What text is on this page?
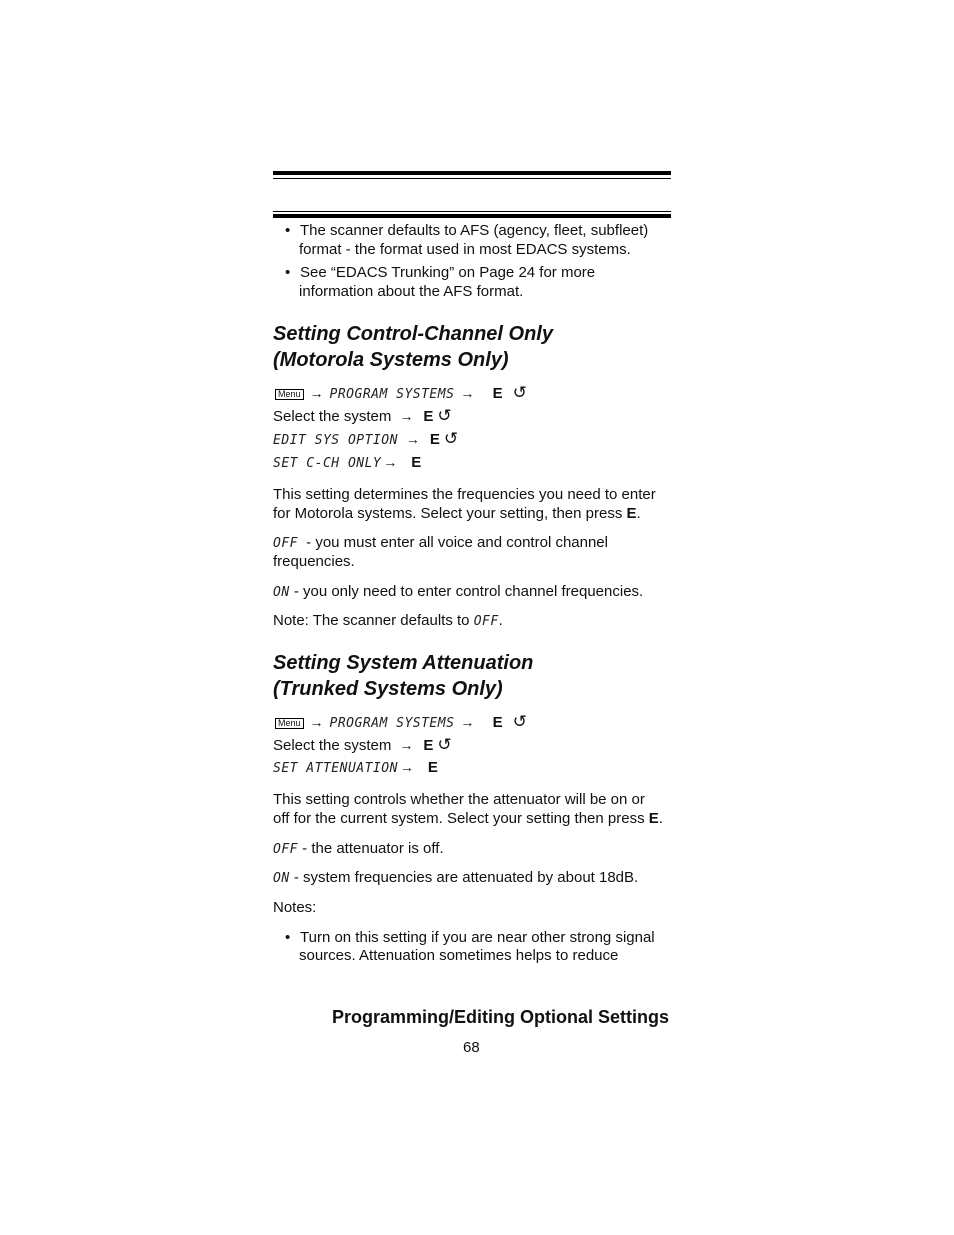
• The scanner defaults to AFS (agency, fleet, subfleet)
format - the format used in most EDACS systems.
• See “EDACS Trunking” on Page 24 for more
information about the AFS format.
Setting Control-Channel Only
(Motorola Systems Only)
Menu → PROGRAM SYSTEMS → E ↺
Select the system → E ↺
EDIT SYS OPTION → E ↺
SET C-CH ONLY → E
This setting determines the frequencies you need to enter
for Motorola systems. Select your setting, then press E.
OFF - you must enter all voice and control channel
frequencies.
ON - you only need to enter control channel frequencies.
Note: The scanner defaults to OFF.
Setting System Attenuation
(Trunked Systems Only)
Menu → PROGRAM SYSTEMS → E ↺
Select the system → E ↺
SET ATTENUATION → E
This setting controls whether the attenuator will be on or
off for the current system. Select your setting then press E.
OFF - the attenuator is off.
ON - system frequencies are attenuated by about 18dB.
Notes:
• Turn on this setting if you are near other strong signal
sources. Attenuation sometimes helps to reduce
Programming/Editing Optional Settings
68
